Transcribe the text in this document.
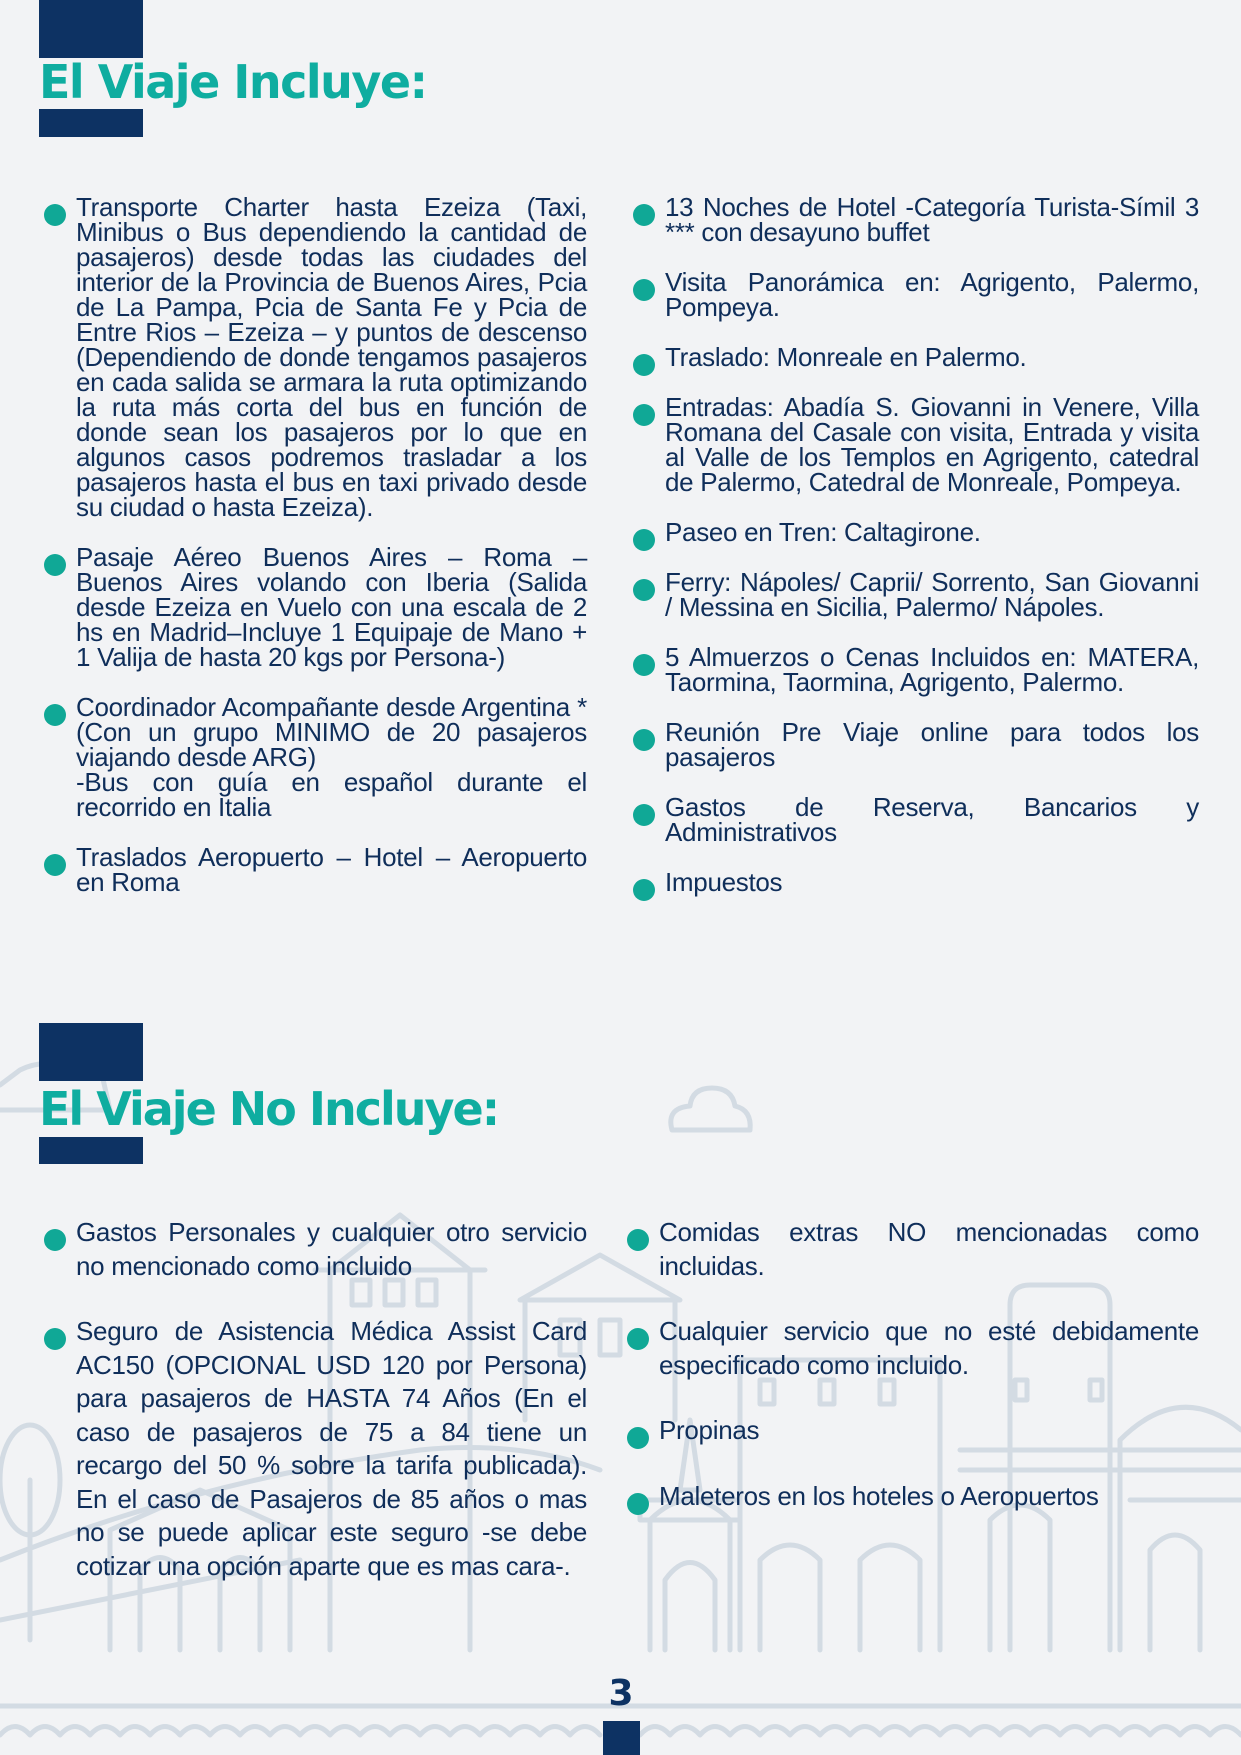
El Viaje Incluye:
Transporte Charter hasta Ezeiza (Taxi, Minibus o Bus dependiendo la cantidad de pasajeros) desde todas las ciudades del interior de la Provincia de Buenos Aires, Pcia de La Pampa, Pcia de Santa Fe y Pcia de Entre Rios – Ezeiza – y puntos de descenso (Dependiendo de donde tengamos pasajeros en cada salida se armara la ruta optimizando la ruta más corta del bus en función de donde sean los pasajeros por lo que en algunos casos podremos trasladar a los pasajeros hasta el bus en taxi privado desde su ciudad o hasta Ezeiza).
Pasaje Aéreo Buenos Aires – Roma – Buenos Aires volando con Iberia (Salida desde Ezeiza en Vuelo con una escala de 2 hs en Madrid–Incluye 1 Equipaje de Mano + 1 Valija de hasta 20 kgs por Persona-)
Coordinador Acompañante desde Argentina *(Con un grupo MINIMO de 20 pasajeros viajando desde ARG)
-Bus con guía en español durante el recorrido en Italia
Traslados Aeropuerto – Hotel – Aeropuerto en Roma
13 Noches de Hotel -Categoría Turista-Símil 3 *** con desayuno buffet
Visita Panorámica en: Agrigento, Palermo, Pompeya.
Traslado: Monreale en Palermo.
Entradas: Abadía S. Giovanni in Venere, Villa Romana del Casale con visita, Entrada y visita al Valle de los Templos en Agrigento, catedral de Palermo, Catedral de Monreale, Pompeya.
Paseo en Tren: Caltagirone.
Ferry: Nápoles/ Caprii/ Sorrento, San Giovanni / Messina en Sicilia, Palermo/ Nápoles.
5 Almuerzos o Cenas Incluidos en: MATERA, Taormina, Taormina, Agrigento, Palermo.
Reunión Pre Viaje online para todos los pasajeros
Gastos de Reserva, Bancarios y Administrativos
Impuestos
El Viaje No Incluye:
Gastos Personales y cualquier otro servicio no mencionado como incluido
Seguro de Asistencia Médica Assist Card AC150 (OPCIONAL USD 120 por Persona) para pasajeros de HASTA 74 Años (En el caso de pasajeros de 75 a 84 tiene un recargo del 50 % sobre la tarifa publicada). En el caso de Pasajeros de 85 años o mas no se puede aplicar este seguro -se debe cotizar una opción aparte que es mas cara-.
Comidas extras NO mencionadas como incluidas.
Cualquier servicio que no esté debidamente especificado como incluido.
Propinas
Maleteros en los hoteles o Aeropuertos
3
